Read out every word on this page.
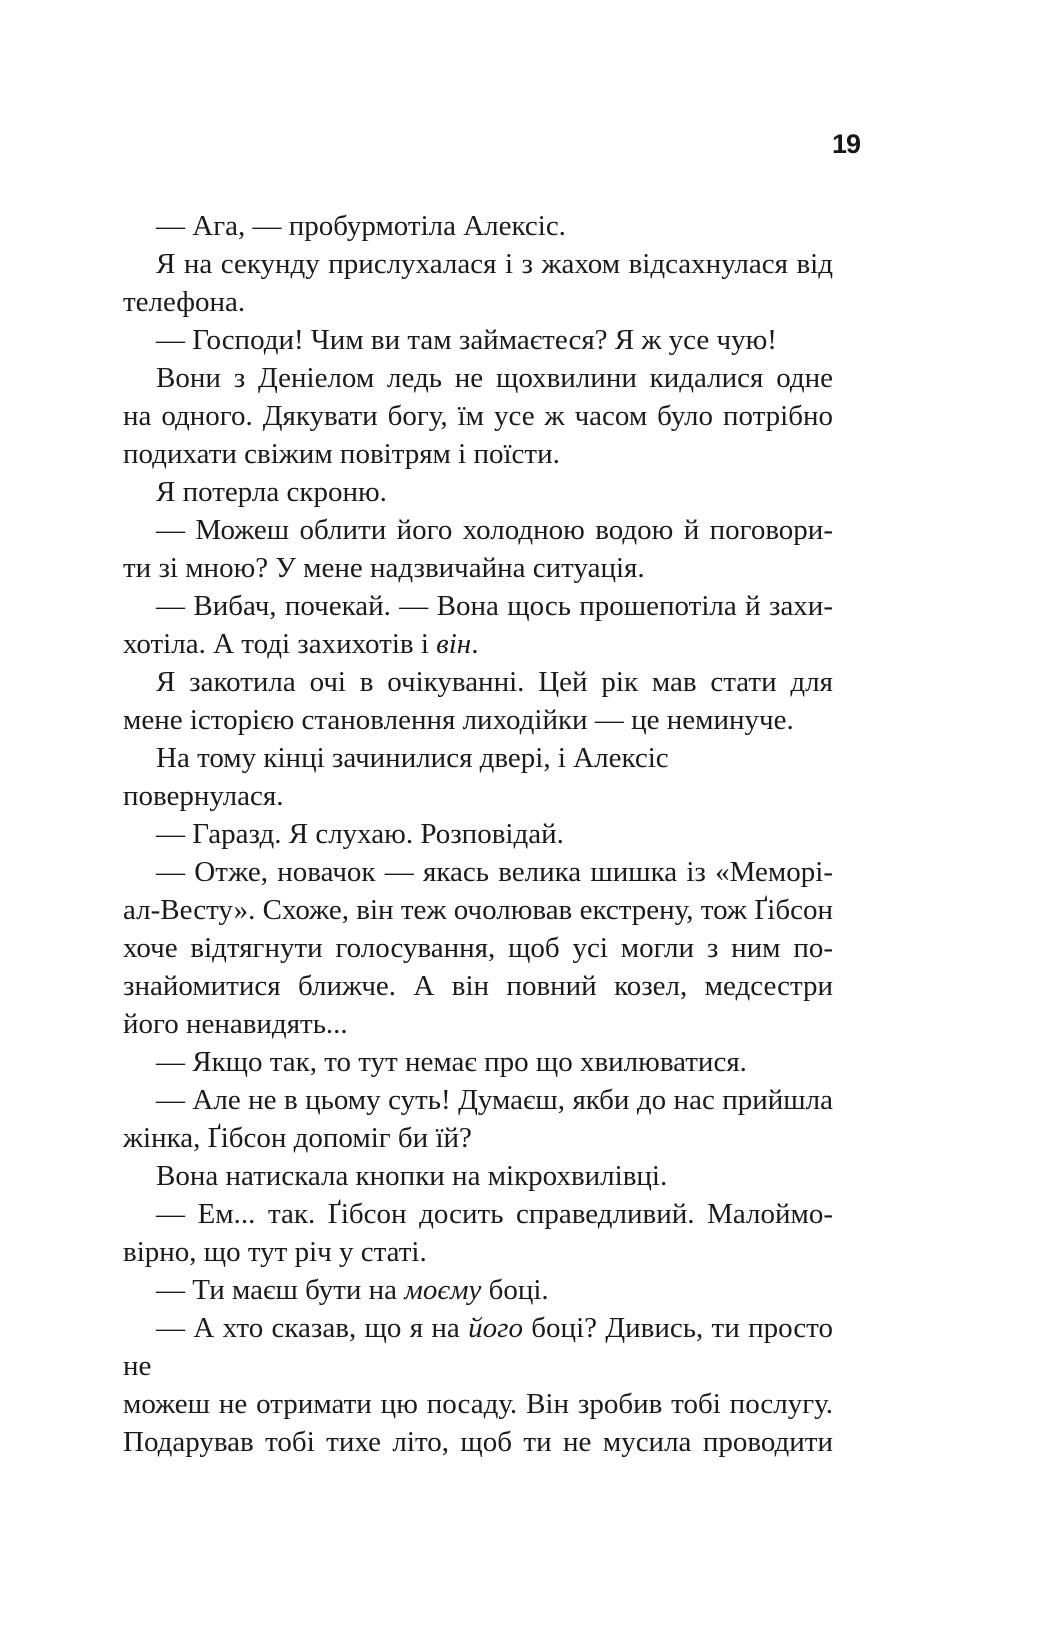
19
— Ага, — пробурмотіла Алексіс.
Я на секунду прислухалася і з жахом відсахнулася від
телефона.
— Господи! Чим ви там займаєтеся? Я ж усе чую!
Вони з Деніелом ледь не щохвилини кидалися одне
на одного. Дякувати богу, їм усе ж часом було потрібно
подихати свіжим повітрям і поїсти.
Я потерла скроню.
— Можеш облити його холодною водою й поговори-
ти зі мною? У мене надзвичайна ситуація.
— Вибач, почекай. — Вона щось прошепотіла й захи-
хотіла. А тоді захихотів і він.
Я закотила очі в очікуванні. Цей рік мав стати для
мене історією становлення лиходійки — це неминуче.
На тому кінці зачинилися двері, і Алексіс повернулася.
— Гаразд. Я слухаю. Розповідай.
— Отже, новачок — якась велика шишка із «Меморі-
ал-Весту». Схоже, він теж очолював екстрену, тож Ґібсон
хоче відтягнути голосування, щоб усі могли з ним по-
знайомитися ближче. А він повний козел, медсестри
його ненавидять...
— Якщо так, то тут немає про що хвилюватися.
— Але не в цьому суть! Думаєш, якби до нас прийшла
жінка, Ґібсон допоміг би їй?
Вона натискала кнопки на мікрохвилівці.
— Ем... так. Ґібсон досить справедливий. Малоймо-
вірно, що тут річ у статі.
— Ти маєш бути на моєму боці.
— А хто сказав, що я на його боці? Дивись, ти просто не
можеш не отримати цю посаду. Він зробив тобі послугу.
Подарував тобі тихе літо, щоб ти не мусила проводити
